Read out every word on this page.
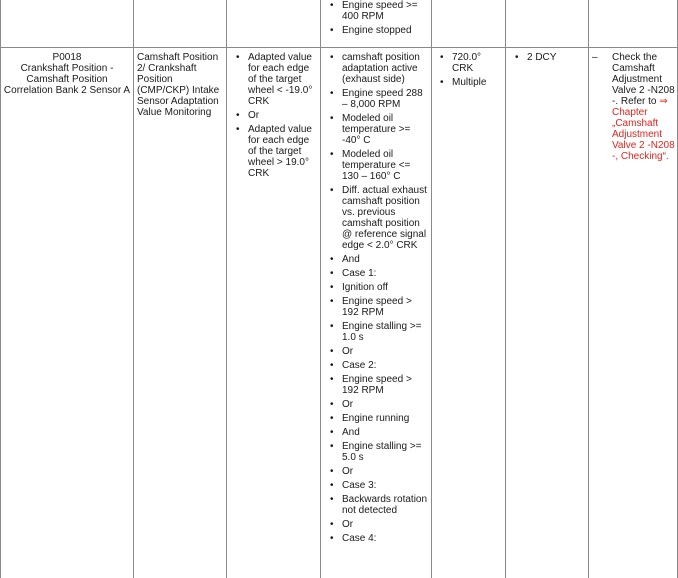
• Engine speed >= 400 RPM
• Engine stopped
P0018
Crankshaft Position - Camshaft Position Correlation Bank 2 Sensor A
Camshaft Position 2/ Crankshaft Position (CMP/CKP) Intake Sensor Adaptation Value Monitoring
• Adapted value for each edge of the target wheel < -19.0° CRK
• Or
• Adapted value for each edge of the target wheel > 19.0° CRK
• camshaft position adaptation active (exhaust side)
• Engine speed 288 – 8,000 RPM
• Modeled oil temperature >= -40° C
• Modeled oil temperature <= 130 – 160° C
• Diff. actual exhaust camshaft position vs. previous camshaft position @ reference signal edge < 2.0° CRK
• And
• Case 1:
• Ignition off
• Engine speed > 192 RPM
• Engine stalling >= 1.0 s
• Or
• Case 2:
• Engine speed > 192 RPM
• Or
• Engine running
• And
• Engine stalling >= 5.0 s
• Or
• Case 3:
• Backwards rotation not detected
• Or
• Case 4:
• 720.0° CRK
• Multiple
• 2 DCY
–	Check the Camshaft Adjustment Valve 2 -N208 -. Refer to ⇒ Chapter „Camshaft Adjustment Valve 2 -N208 -, Checking“.
